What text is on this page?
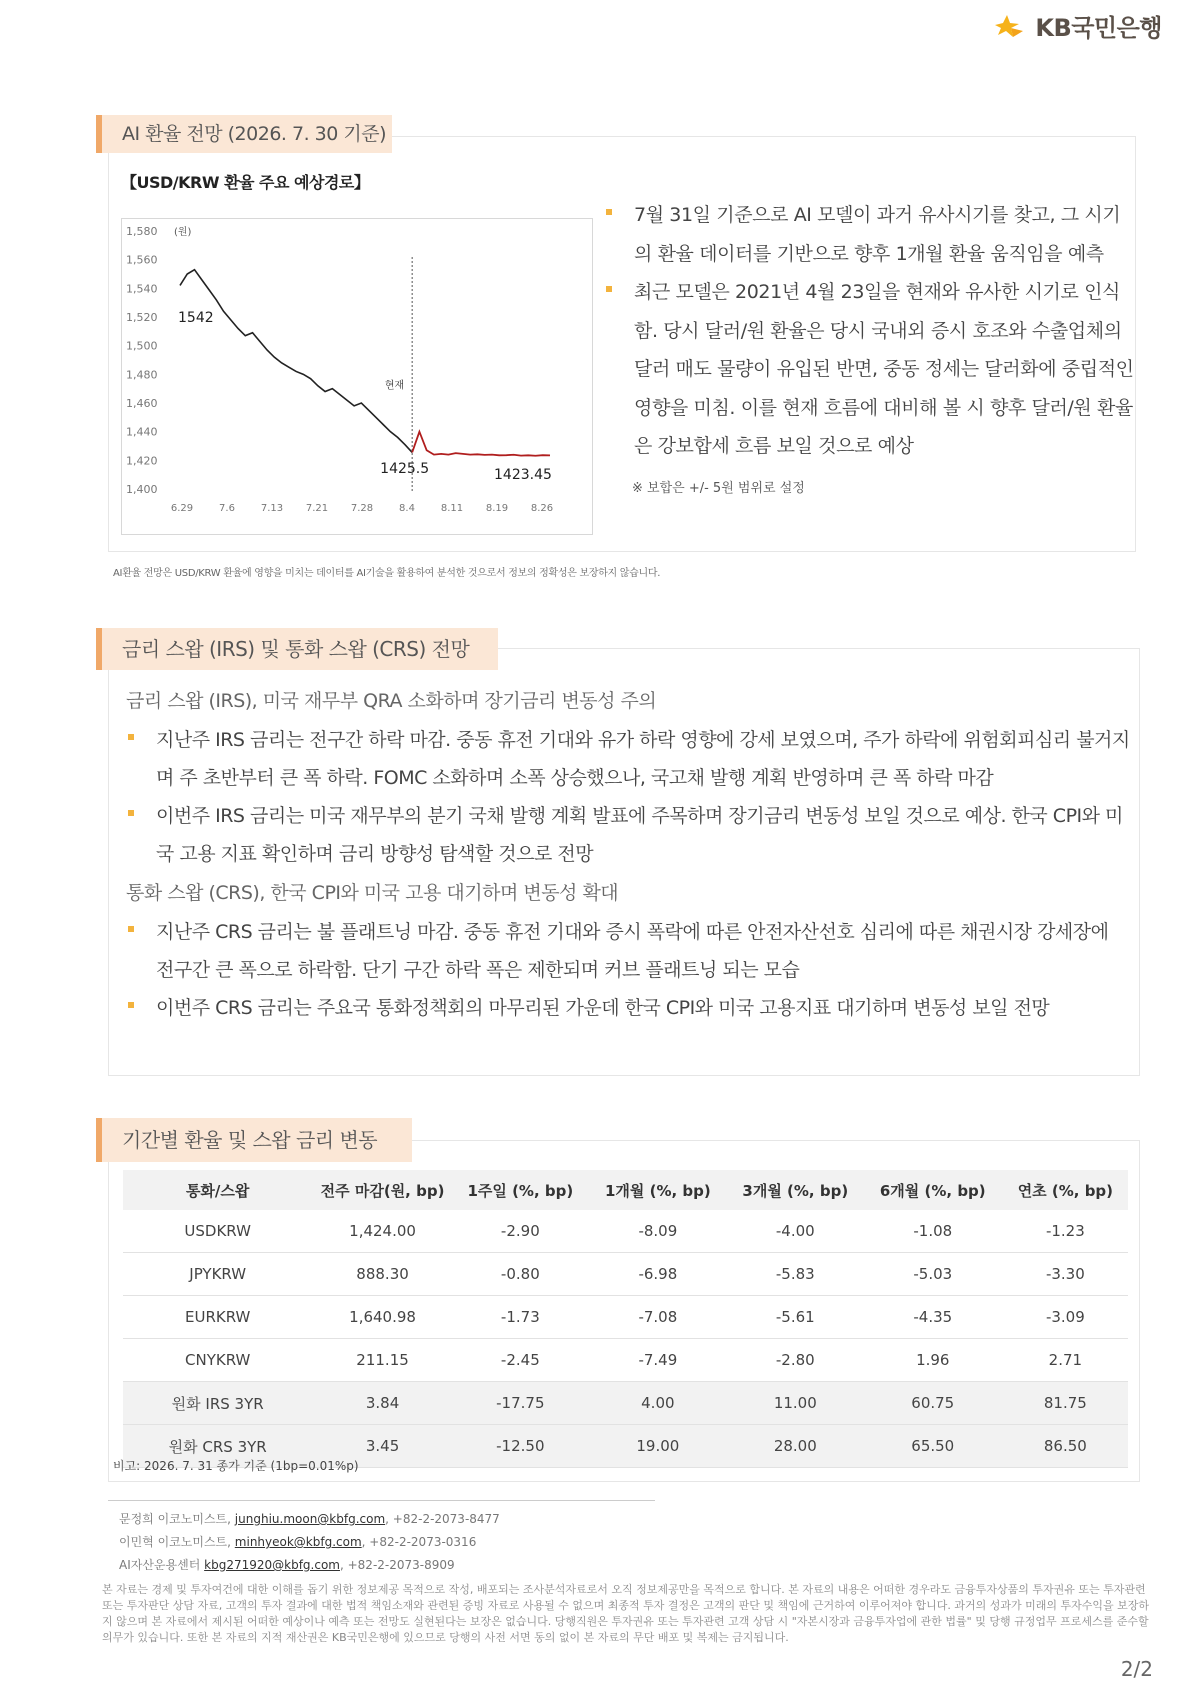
KB국민은행
AI 환율 전망 (2026. 7. 30 기준)
【USD/KRW 환율 주요 예상경로】
1,580
1,560
1,540
1,520
1,500
1,480
1,460
1,440
1,420
1,400
(원)
6.29	7.6	7.13 7.21 7.28	8.4	8.11 8.19 8.26
현재
1542
1425.5	1423.45
7월 31일 기준으로 AI 모델이 과거 유사시기를 찾고, 그 시기의 환율 데이터를 기반으로 향후 1개월 환율 움직임을 예측
최근 모델은 2021년 4월 23일을 현재와 유사한 시기로 인식함. 당시 달러/원 환율은 당시 국내외 증시 호조와 수출업체의 달러 매도 물량이 유입된 반면, 중동 정세는 달러화에 중립적인 영향을 미침. 이를 현재 흐름에 대비해 볼 시 향후 달러/원 환율은 강보합세 흐름 보일 것으로 예상
※ 보합은 +/- 5원 범위로 설정
AI환율 전망은 USD/KRW 환율에 영향을 미치는 데이터를 AI기술을 활용하여 분석한 것으로서 정보의 정확성은 보장하지 않습니다.
금리 스왑 (IRS) 및 통화 스왑 (CRS) 전망
금리 스왑 (IRS), 미국 재무부 QRA 소화하며 장기금리 변동성 주의
지난주 IRS 금리는 전구간 하락 마감. 중동 휴전 기대와 유가 하락 영향에 강세 보였으며, 주가 하락에 위험회피심리 불거지며 주 초반부터 큰 폭 하락. FOMC 소화하며 소폭 상승했으나, 국고채 발행 계획 반영하며 큰 폭 하락 마감
이번주 IRS 금리는 미국 재무부의 분기 국채 발행 계획 발표에 주목하며 장기금리 변동성 보일 것으로 예상. 한국 CPI와 미국 고용 지표 확인하며 금리 방향성 탐색할 것으로 전망
통화 스왑 (CRS), 한국 CPI와 미국 고용 대기하며 변동성 확대
지난주 CRS 금리는 불 플래트닝 마감. 중동 휴전 기대와 증시 폭락에 따른 안전자산선호 심리에 따른 채권시장 강세장에 전구간 큰 폭으로 하락함. 단기 구간 하락 폭은 제한되며 커브 플래트닝 되는 모습
이번주 CRS 금리는 주요국 통화정책회의 마무리된 가운데 한국 CPI와 미국 고용지표 대기하며 변동성 보일 전망
기간별 환율 및 스왑 금리 변동
통화/스왑	전주 마감(원, bp)	1주일 (%, bp)	1개월 (%, bp)	3개월 (%, bp)	6개월 (%, bp)	연초 (%, bp)
USDKRW	1,424.00	-2.90	-8.09	-4.00	-1.08	-1.23
JPYKRW	888.30	-0.80	-6.98	-5.83	-5.03	-3.30
EURKRW	1,640.98	-1.73	-7.08	-5.61	-4.35	-3.09
CNYKRW	211.15	-2.45	-7.49	-2.80	1.96	2.71
원화 IRS 3YR	3.84	-17.75	4.00	11.00	60.75	81.75
원화 CRS 3YR	3.45	-12.50	19.00	28.00	65.50	86.50
비고: 2026. 7. 31 종가 기준 (1bp=0.01%p)
문정희 이코노미스트, junghiu.moon@kbfg.com, +82-2-2073-8477
이민혁 이코노미스트, minhyeok@kbfg.com, +82-2-2073-0316
AI자산운용센터 kbg271920@kbfg.com, +82-2-2073-8909
본 자료는 경제 및 투자여건에 대한 이해를 돕기 위한 정보제공 목적으로 작성, 배포되는 조사분석자료로서 오직 정보제공만을 목적으로 합니다. 본 자료의 내용은 어떠한 경우라도 금융투자상품의 투자권유 또는 투자관련 또는 투자판단 상담 자료, 고객의 투자 결과에 대한 법적 책임소재와 관련된 증빙 자료로 사용될 수 없으며 최종적 투자 결정은 고객의 판단 및 책임에 근거하여 이루어져야 합니다. 과거의 성과가 미래의 투자수익을 보장하지 않으며 본 자료에서 제시된 어떠한 예상이나 예측 또는 전망도 실현된다는 보장은 없습니다. 당행직원은 투자권유 또는 투자관련 고객 상담 시 "자본시장과 금융투자업에 관한 법률" 및 당행 규정업무 프로세스를 준수할 의무가 있습니다. 또한 본 자료의 지적 재산권은 KB국민은행에 있으므로 당행의 사전 서면 동의 없이 본 자료의 무단 배포 및 복제는 금지됩니다.
2/2
